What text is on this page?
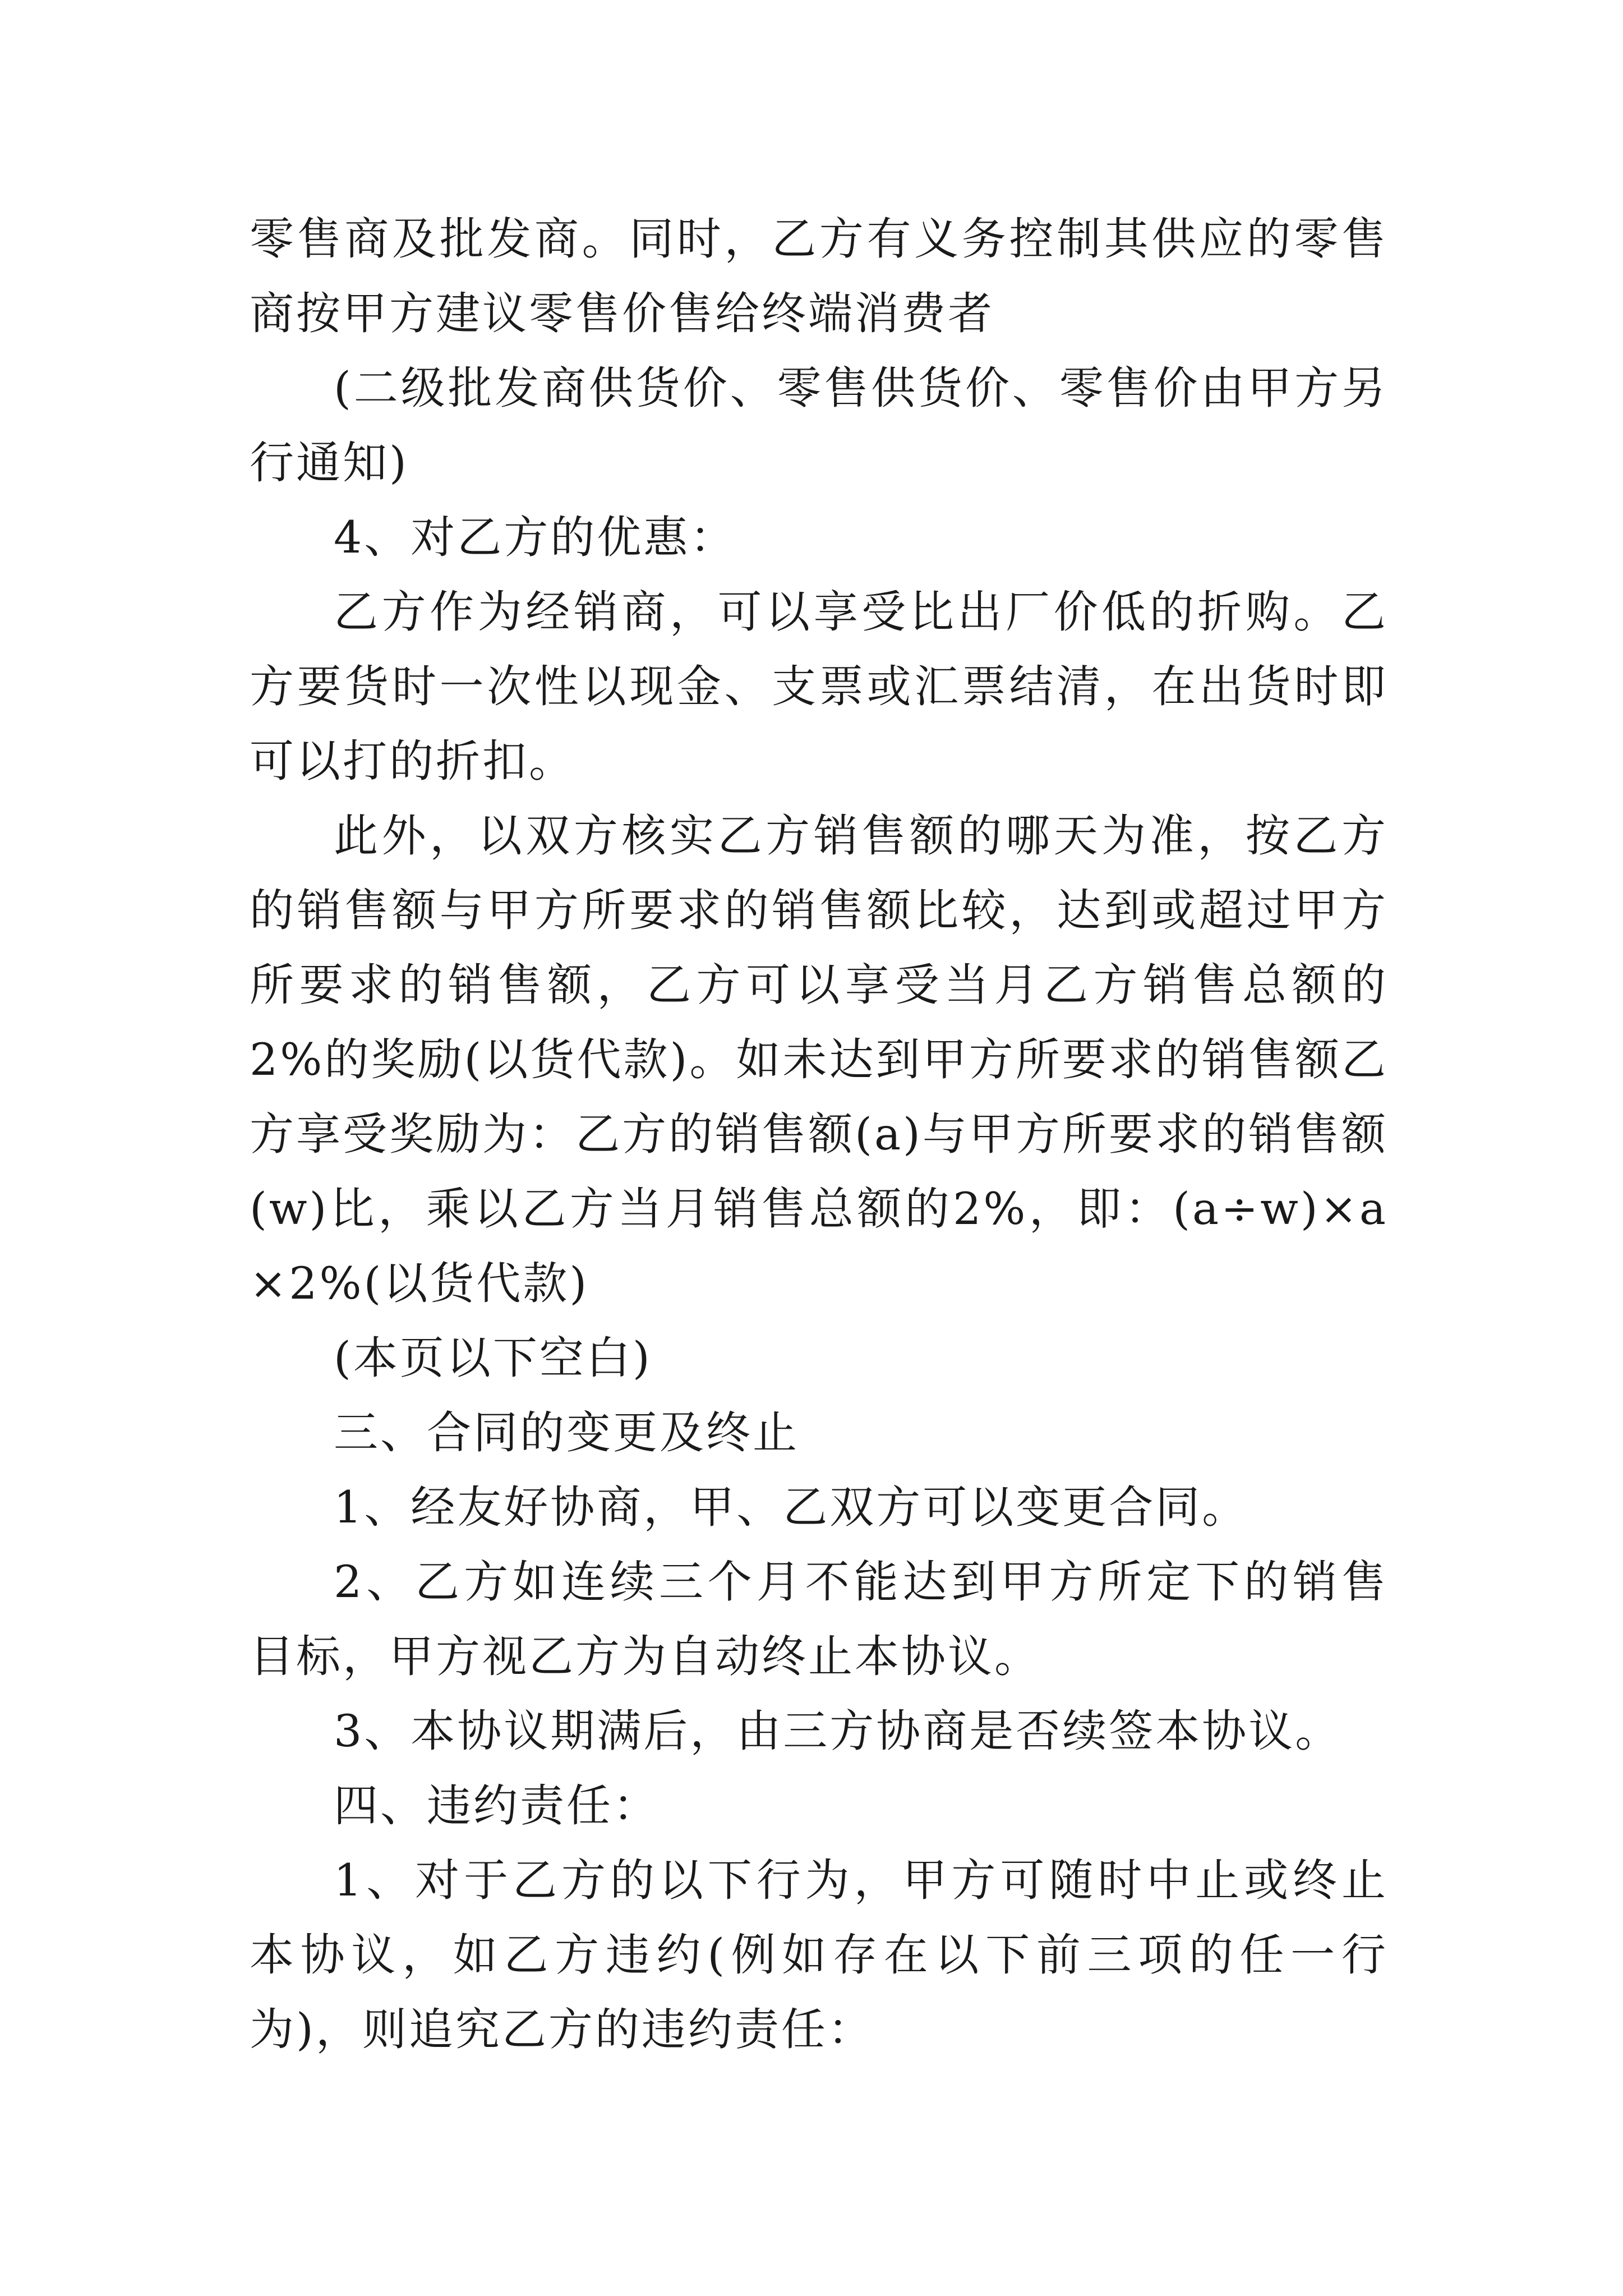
零售商及批发商。同时，乙方有义务控制其供应的零售商按甲方建议零售价售给终端消费者

(二级批发商供货价、零售供货价、零售价由甲方另行通知)

4、对乙方的优惠：

乙方作为经销商，可以享受比出厂价低的折购。乙方要货时一次性以现金、支票或汇票结清，在出货时即可以打的折扣。

此外，以双方核实乙方销售额的哪天为准，按乙方的销售额与甲方所要求的销售额比较，达到或超过甲方所要求的销售额，乙方可以享受当月乙方销售总额的2%的奖励(以货代款)。如未达到甲方所要求的销售额乙方享受奖励为：乙方的销售额(a)与甲方所要求的销售额(w)比，乘以乙方当月销售总额的2%，即：(a÷w)×a×2%(以货代款)

(本页以下空白)

三、合同的变更及终止

1、经友好协商，甲、乙双方可以变更合同。

2、乙方如连续三个月不能达到甲方所定下的销售目标，甲方视乙方为自动终止本协议。

3、本协议期满后，由三方协商是否续签本协议。

四、违约责任：

1、对于乙方的以下行为，甲方可随时中止或终止本协议，如乙方违约(例如存在以下前三项的任一行为)，则追究乙方的违约责任：
